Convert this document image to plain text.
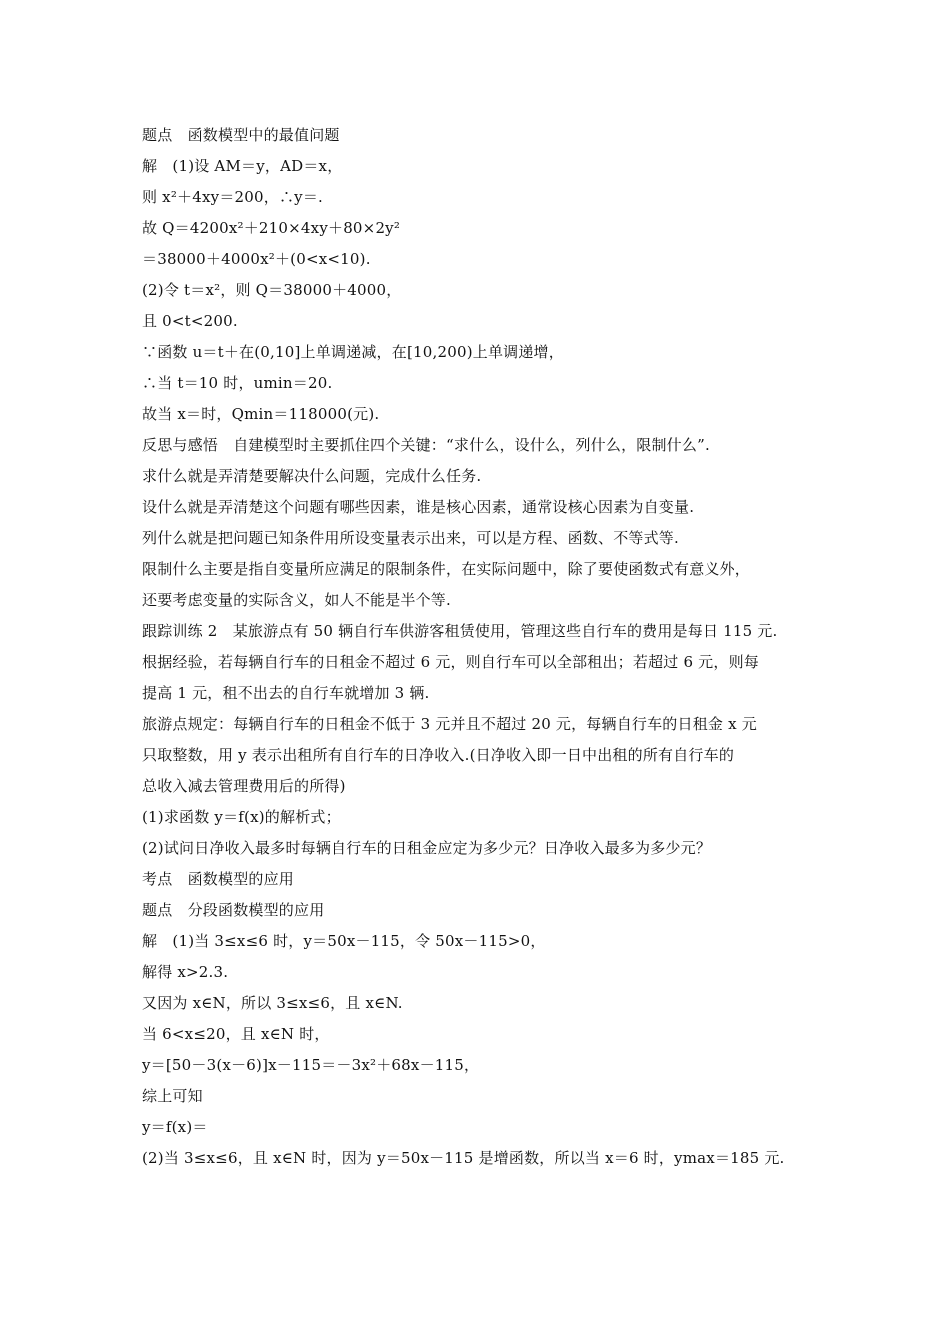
题点　函数模型中的最值问题
解　(1)设 AM＝y，AD＝x，
则 x²＋4xy＝200，∴y＝.
故 Q＝4200x²＋210×4xy＋80×2y²
＝38000＋4000x²＋(0<x<10).
(2)令 t＝x²，则 Q＝38000＋4000，
且 0<t<200.
∵函数 u＝t＋在(0,10]上单调递减，在[10,200)上单调递增，
∴当 t＝10 时，umin＝20.
故当 x＝时，Qmin＝118000(元).
反思与感悟　自建模型时主要抓住四个关键：“求什么，设什么，列什么，限制什么”.
求什么就是弄清楚要解决什么问题，完成什么任务.
设什么就是弄清楚这个问题有哪些因素，谁是核心因素，通常设核心因素为自变量.
列什么就是把问题已知条件用所设变量表示出来，可以是方程、函数、不等式等.
限制什么主要是指自变量所应满足的限制条件，在实际问题中，除了要使函数式有意义外，
还要考虑变量的实际含义，如人不能是半个等.
跟踪训练 2　某旅游点有 50 辆自行车供游客租赁使用，管理这些自行车的费用是每日 115 元.
根据经验，若每辆自行车的日租金不超过 6 元，则自行车可以全部租出；若超过 6 元，则每
提高 1 元，租不出去的自行车就增加 3 辆.
旅游点规定：每辆自行车的日租金不低于 3 元并且不超过 20 元，每辆自行车的日租金 x 元
只取整数，用 y 表示出租所有自行车的日净收入.(日净收入即一日中出租的所有自行车的
总收入减去管理费用后的所得)
(1)求函数 y＝f(x)的解析式；
(2)试问日净收入最多时每辆自行车的日租金应定为多少元？日净收入最多为多少元？
考点　函数模型的应用
题点　分段函数模型的应用
解　(1)当 3≤x≤6 时，y＝50x－115，令 50x－115>0，
解得 x>2.3.
又因为 x∈N，所以 3≤x≤6，且 x∈N.
当 6<x≤20，且 x∈N 时，
y＝[50－3(x－6)]x－115＝－3x²＋68x－115，
综上可知
y＝f(x)＝
(2)当 3≤x≤6，且 x∈N 时，因为 y＝50x－115 是增函数，所以当 x＝6 时，ymax＝185 元.
